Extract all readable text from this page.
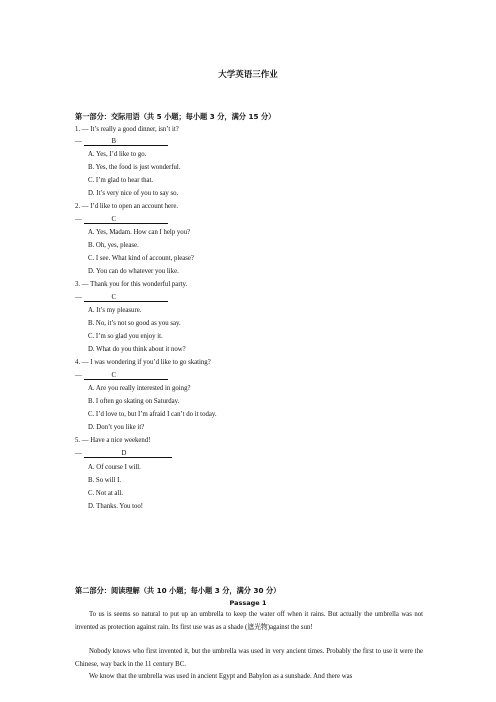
大学英语三作业
第一部分：交际用语（共 5 小题；每小题 3 分，满分 15 分）
1. — It’s really a good dinner, isn’t it?
—	B
A. Yes, I’d like to go.
B. Yes, the food is just wonderful.
C. I’m glad to hear that.
D. It’s very nice of you to say so.
2. — I’d like to open an account here.
—	C
A. Yes, Madam. How can I help you?
B. Oh, yes, please.
C. I see. What kind of account, please?
D. You can do whatever you like.
3. — Thank you for this wonderful party.
—	C
A. It’s my pleasure.
B. No, it’s not so good as you say.
C. I’m so glad you enjoy it.
D. What do you think about it now?
4. — I was wondering if you’d like to go skating?
—	C
A. Are you really interested in going?
B. I often go skating on Saturday.
C. I’d love to, but I’m afraid I can’t do it today.
D. Don’t you like it?
5. — Have a nice weekend!
—	D
A. Of course I will.
B. So will I.
C. Not at all.
D. Thanks. You too!
第二部分：阅读理解（共 10 小题；每小题 3 分，满分 30 分）
Passage 1
To us is seems so natural to put up an umbrella to keep the water off when it rains. But actually the umbrella was not invented as protection against rain. Its first use was as a shade (遮光物)against the sun!
Nobody knows who first invented it, but the umbrella was used in very ancient times. Probably the first to use it were the Chinese, way back in the 11 century BC.
We know that the umbrella was used in ancient Egypt and Babylon as a sunshade. And there was
